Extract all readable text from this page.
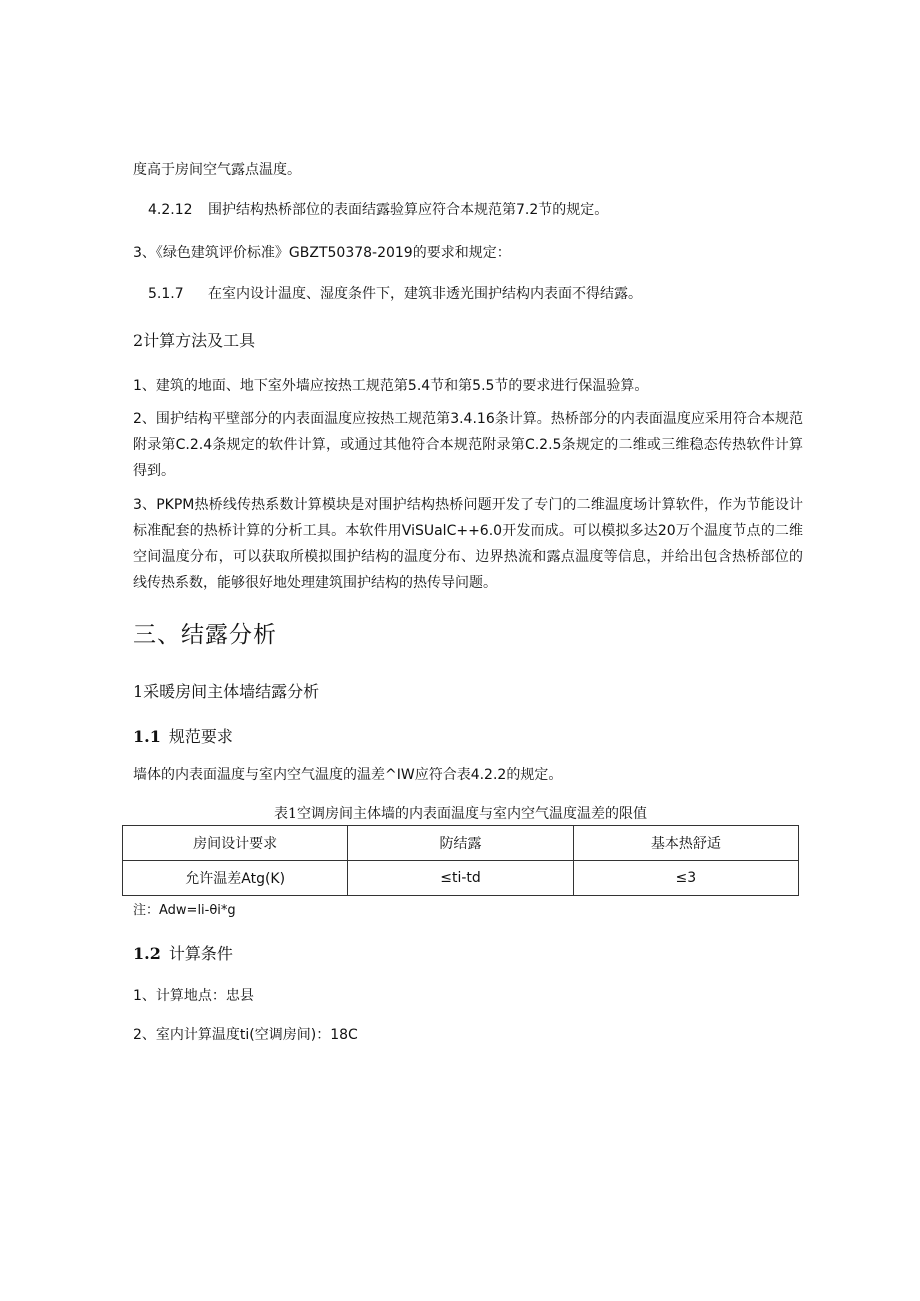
度高于房间空气露点温度。
4.2.12 围护结构热桥部位的表面结露验算应符合本规范第7.2节的规定。
3、《绿色建筑评价标准》GBZT50378-2019的要求和规定：
5.1.7 在室内设计温度、湿度条件下，建筑非透光围护结构内表面不得结露。
2计算方法及工具
1、建筑的地面、地下室外墙应按热工规范第5.4节和第5.5节的要求进行保温验算。
2、围护结构平壁部分的内表面温度应按热工规范第3.4.16条计算。热桥部分的内表面温度应采用符合本规范附录第C.2.4条规定的软件计算，或通过其他符合本规范附录第C.2.5条规定的二维或三维稳态传热软件计算得到。
3、PKPM热桥线传热系数计算模块是对围护结构热桥问题开发了专门的二维温度场计算软件，作为节能设计标准配套的热桥计算的分析工具。本软件用ViSUalC++6.0开发而成。可以模拟多达20万个温度节点的二维空间温度分布，可以获取所模拟围护结构的温度分布、边界热流和露点温度等信息，并给出包含热桥部位的线传热系数，能够很好地处理建筑围护结构的热传导问题。
三、结露分析
1采暖房间主体墙结露分析
1.1 规范要求
墙体的内表面温度与室内空气温度的温差^IW应符合表4.2.2的规定。
表1空调房间主体墙的内表面温度与室内空气温度温差的限值
房间设计要求	防结露	基本热舒适
允许温差Atg(K)	≤ti-td	≤3
注：Adw=li-θi*g
1.2 计算条件
1、计算地点：忠县
2、室内计算温度ti(空调房间)：18C
